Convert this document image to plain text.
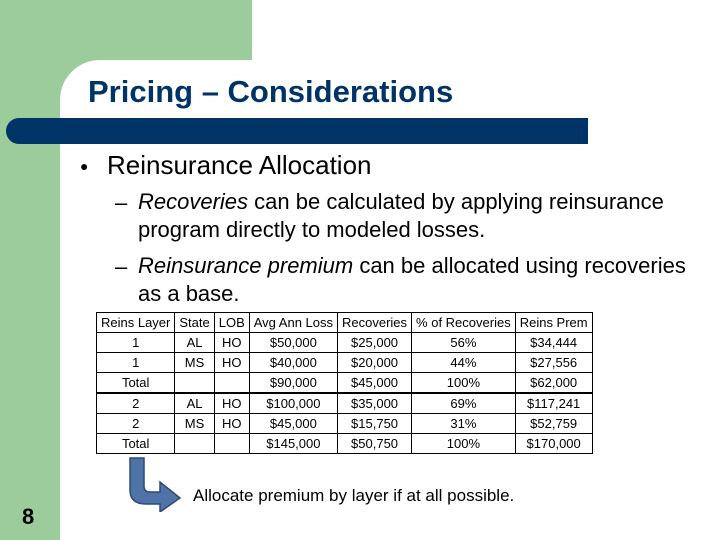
Pricing – Considerations
● Reinsurance Allocation
– Recoveries can be calculated by applying reinsurance program directly to modeled losses.
– Reinsurance premium can be allocated using recoveries as a base.
Reins Layer	State	LOB	Avg Ann Loss	Recoveries	% of Recoveries	Reins Prem
1	AL	HO	$50,000	$25,000	56%	$34,444
1	MS	HO	$40,000	$20,000	44%	$27,556
Total			$90,000	$45,000	100%	$62,000
2	AL	HO	$100,000	$35,000	69%	$117,241
2	MS	HO	$45,000	$15,750	31%	$52,759
Total			$145,000	$50,750	100%	$170,000
Allocate premium by layer if at all possible.
8
